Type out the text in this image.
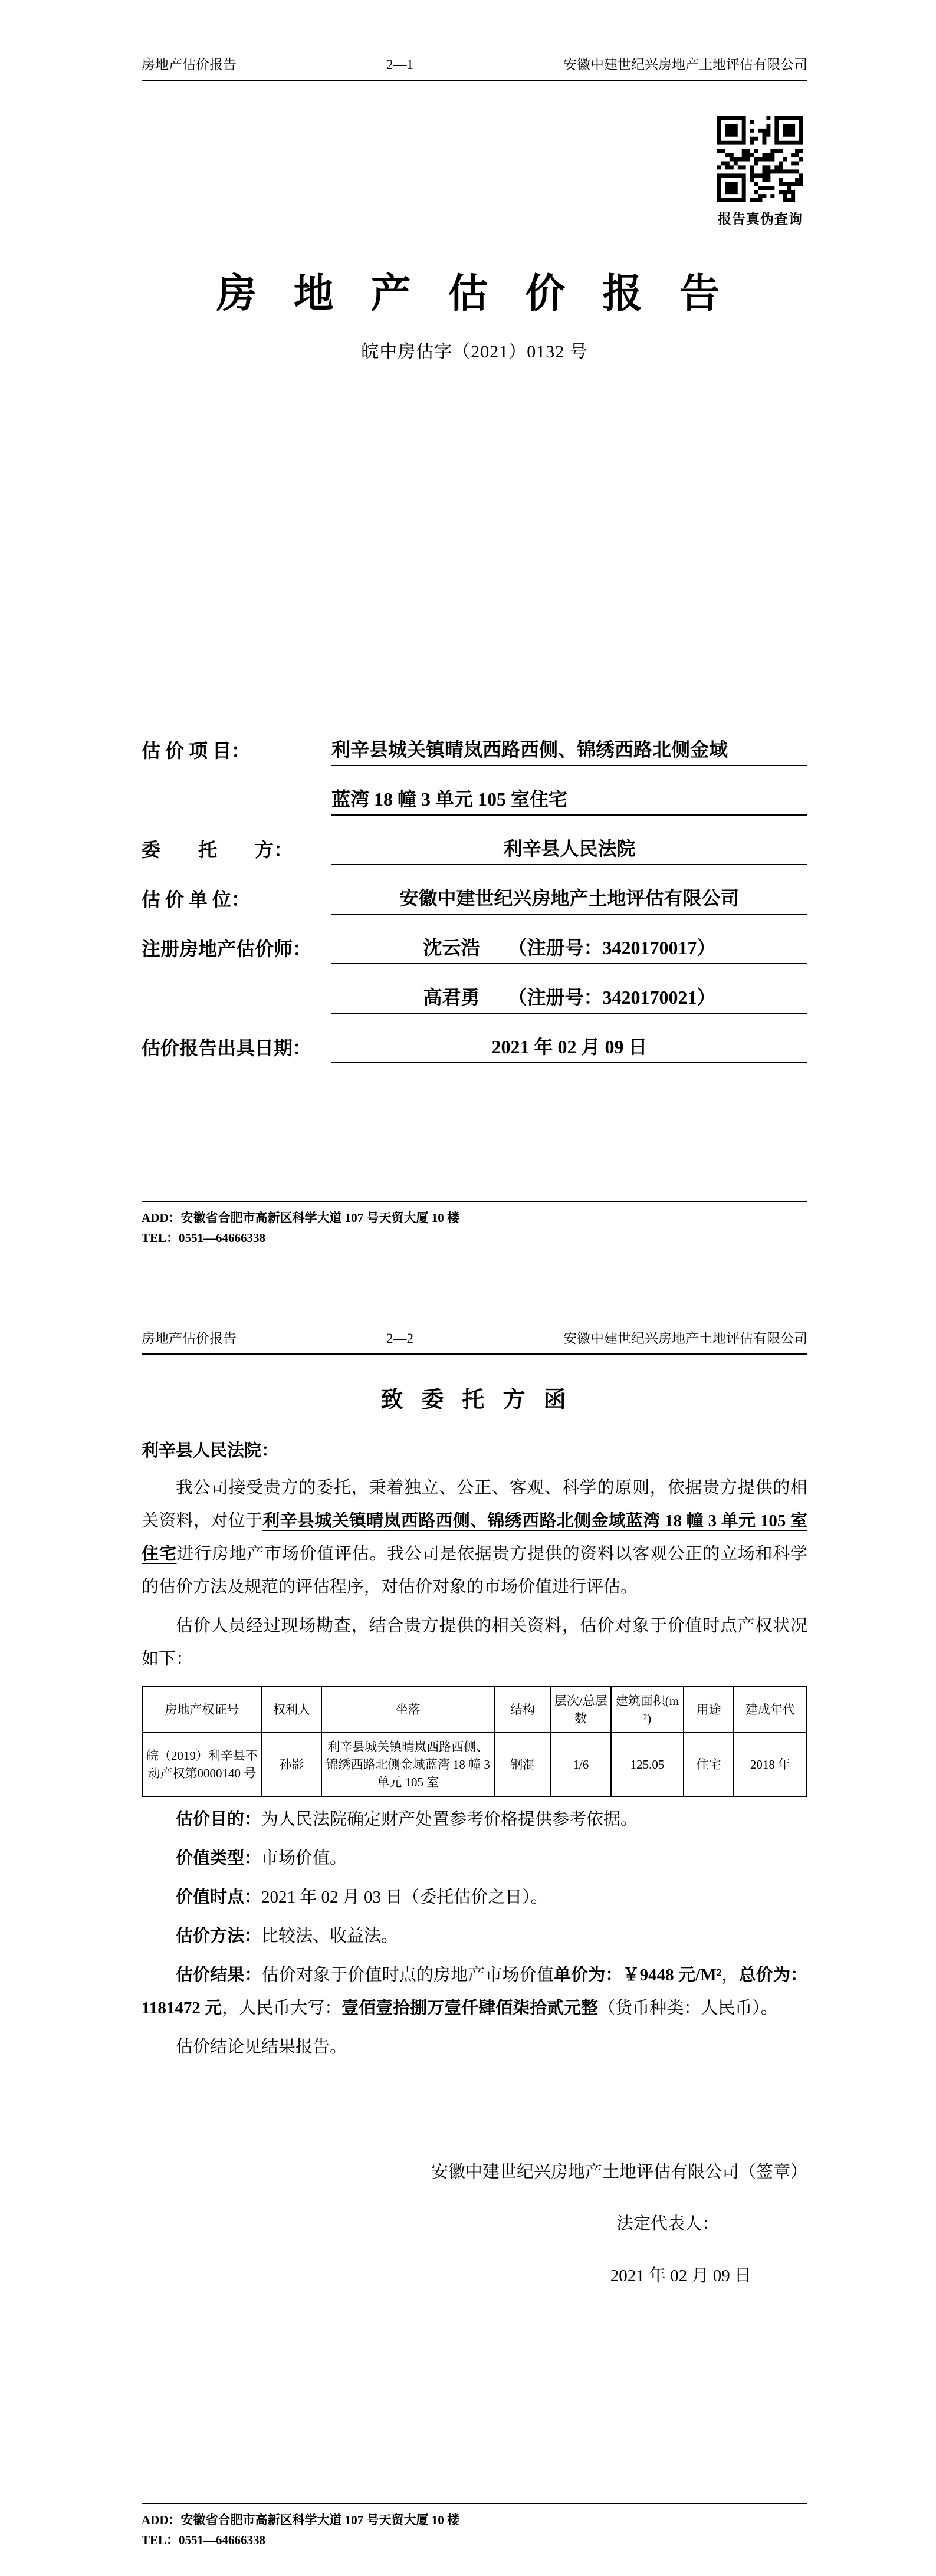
房地产估价报告	2—1	安徽中建世纪兴房地产土地评估有限公司
报告真伪查询
房 地 产 估 价 报 告
皖中房估字（2021）0132 号
估 价 项 目：	利辛县城关镇晴岚西路西侧、锦绣西路北侧金域
蓝湾 18 幢 3 单元 105 室住宅
委　　托　　方：	利辛县人民法院
估 价 单 位：	安徽中建世纪兴房地产土地评估有限公司
注册房地产估价师：	沈云浩　　（注册号：3420170017）
高君勇　　（注册号：3420170021）
估价报告出具日期：	2021 年 02 月 09 日
ADD：安徽省合肥市高新区科学大道 107 号天贸大厦 10 楼
TEL：0551—64666338
房地产估价报告	2—2	安徽中建世纪兴房地产土地评估有限公司
致  委  托  方  函
利辛县人民法院：

我公司接受贵方的委托，秉着独立、公正、客观、科学的原则，依据贵方提供的相关资料，对位于利辛县城关镇晴岚西路西侧、锦绣西路北侧金域蓝湾 18 幢 3 单元 105 室住宅进行房地产市场价值评估。我公司是依据贵方提供的资料以客观公正的立场和科学的估价方法及规范的评估程序，对估价对象的市场价值进行评估。

估价人员经过现场勘查，结合贵方提供的相关资料，估价对象于价值时点产权状况如下：

房地产权证号	权利人	坐落	结构	层次/总层数	建筑面积(m²)	用途	建成年代
皖（2019）利辛县不动产权第0000140 号	孙影	利辛县城关镇晴岚西路西侧、锦绣西路北侧金域蓝湾 18 幢 3 单元 105 室	钢混	1/6	125.05	住宅	2018 年

估价目的：为人民法院确定财产处置参考价格提供参考依据。

价值类型：市场价值。

价值时点：2021 年 02 月 03 日（委托估价之日）。

估价方法：比较法、收益法。

估价结果：估价对象于价值时点的房地产市场价值单价为：￥9448 元/M²，总价为：1181472 元，人民币大写：壹佰壹拾捌万壹仟肆佰柒拾贰元整（货币种类：人民币）。

估价结论见结果报告。

安徽中建世纪兴房地产土地评估有限公司（签章）
法定代表人：
2021 年 02 月 09 日
ADD：安徽省合肥市高新区科学大道 107 号天贸大厦 10 楼
TEL：0551—64666338
